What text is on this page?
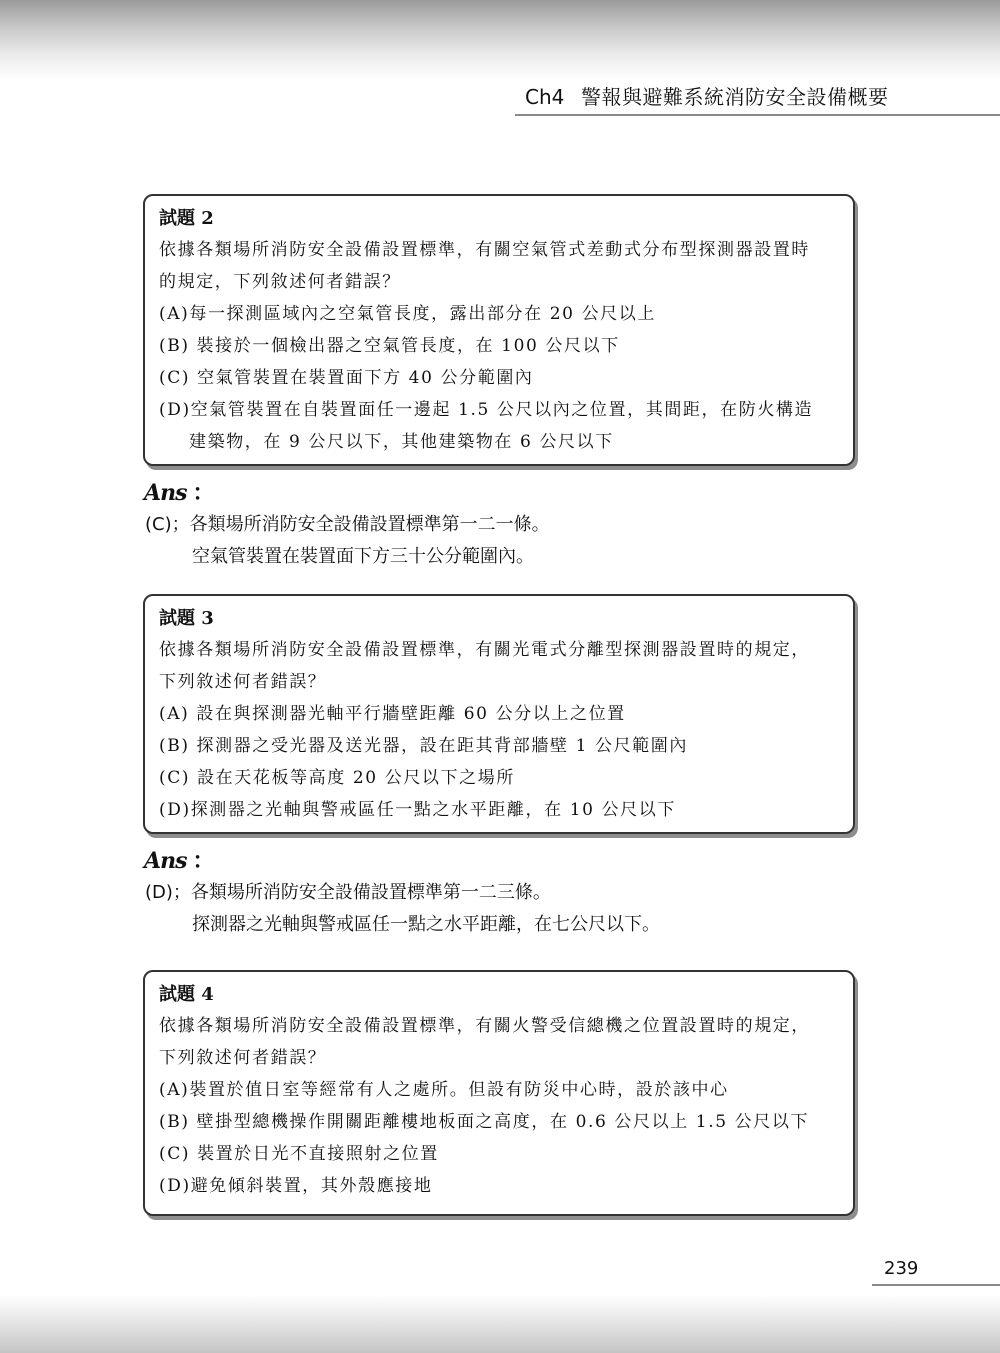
Ch4 警報與避難系統消防安全設備概要
試題 2
依據各類場所消防安全設備設置標準，有關空氣管式差動式分布型探測器設置時
的規定，下列敘述何者錯誤？
(A)每一探測區域內之空氣管長度，露出部分在 20 公尺以上
(B) 裝接於一個檢出器之空氣管長度，在 100 公尺以下
(C) 空氣管裝置在裝置面下方 40 公分範圍內
(D)空氣管裝置在自裝置面任一邊起 1.5 公尺以內之位置，其間距，在防火構造
建築物，在 9 公尺以下，其他建築物在 6 公尺以下
Ans ：
(C)；各類場所消防安全設備設置標準第一二一條。
空氣管裝置在裝置面下方三十公分範圍內。
試題 3
依據各類場所消防安全設備設置標準，有關光電式分離型探測器設置時的規定，
下列敘述何者錯誤？
(A) 設在與探測器光軸平行牆壁距離 60 公分以上之位置
(B) 探測器之受光器及送光器，設在距其背部牆壁 1 公尺範圍內
(C) 設在天花板等高度 20 公尺以下之場所
(D)探測器之光軸與警戒區任一點之水平距離，在 10 公尺以下
Ans ：
(D)；各類場所消防安全設備設置標準第一二三條。
探測器之光軸與警戒區任一點之水平距離，在七公尺以下。
試題 4
依據各類場所消防安全設備設置標準，有關火警受信總機之位置設置時的規定，
下列敘述何者錯誤？
(A)裝置於值日室等經常有人之處所。但設有防災中心時，設於該中心
(B) 壁掛型總機操作開關距離樓地板面之高度，在 0.6 公尺以上 1.5 公尺以下
(C) 裝置於日光不直接照射之位置
(D)避免傾斜裝置，其外殼應接地
239
